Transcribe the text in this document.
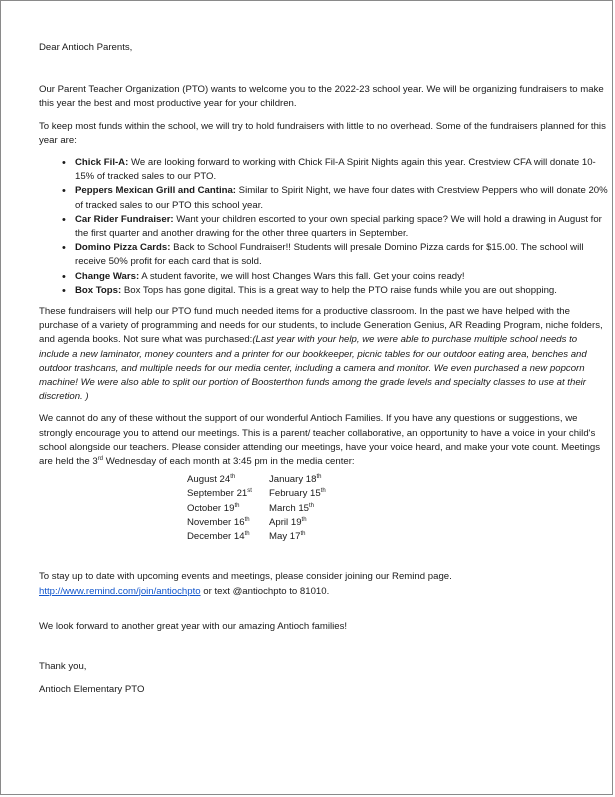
Dear Antioch Parents,

Our Parent Teacher Organization (PTO) wants to welcome you to the 2022-23 school year. We will be organizing fundraisers to make this year the best and most productive year for your children.

To keep most funds within the school, we will try to hold fundraisers with little to no overhead. Some of the fundraisers planned for this year are:

• Chick Fil-A: We are looking forward to working with Chick Fil-A Spirit Nights again this year. Crestview CFA will donate 10-15% of tracked sales to our PTO.
• Peppers Mexican Grill and Cantina: Similar to Spirit Night, we have four dates with Crestview Peppers who will donate 20% of tracked sales to our PTO this school year.
• Car Rider Fundraiser: Want your children escorted to your own special parking space? We will hold a drawing in August for the first quarter and another drawing for the other three quarters in September.
• Domino Pizza Cards: Back to School Fundraiser!! Students will presale Domino Pizza cards for $15.00. The school will receive 50% profit for each card that is sold.
• Change Wars: A student favorite, we will host Changes Wars this fall. Get your coins ready!
• Box Tops: Box Tops has gone digital. This is a great way to help the PTO raise funds while you are out shopping.

These fundraisers will help our PTO fund much needed items for a productive classroom. In the past we have helped with the purchase of a variety of programming and needs for our students, to include Generation Genius, AR Reading Program, niche folders, and agenda books. Not sure what was purchased:(Last year with your help, we were able to purchase multiple school needs to include a new laminator, money counters and a printer for our bookkeeper, picnic tables for our outdoor eating area, benches and outdoor trashcans, and multiple needs for our media center, including a camera and monitor. We even purchased a new popcorn machine! We were also able to split our portion of Boosterthon funds among the grade levels and specialty classes to use at their discretion. )

We cannot do any of these without the support of our wonderful Antioch Families. If you have any questions or suggestions, we strongly encourage you to attend our meetings. This is a parent/ teacher collaborative, an opportunity to have a voice in your child's school alongside our teachers. Please consider attending our meetings, have your voice heard, and make your vote count. Meetings are held the 3rd Wednesday of each month at 3:45 pm in the media center:

August 24th	January 18th
September 21st	February 15th
October 19th	March 15th
November 16th	April 19th
December 14th	May 17th

To stay up to date with upcoming events and meetings, please consider joining our Remind page.
http://www.remind.com/join/antiochpto or text @antiochpto to 81010.

We look forward to another great year with our amazing Antioch families!

Thank you,

Antioch Elementary PTO
